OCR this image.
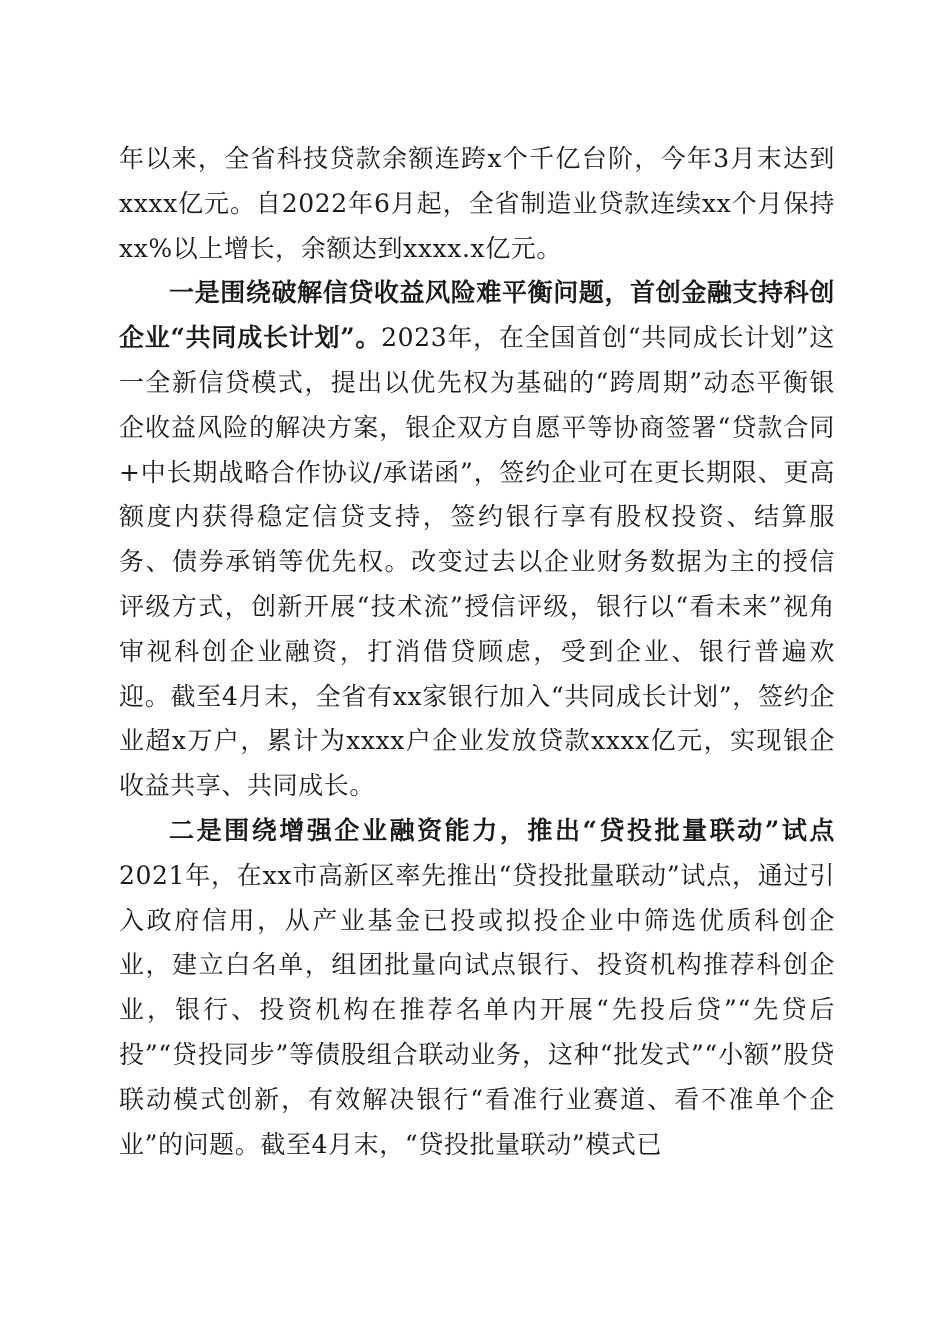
年以来，全省科技贷款余额连跨x个千亿台阶，今年3月末达到xxxx亿元。自2022年6月起，全省制造业贷款连续xx个月保持xx%以上增长，余额达到xxxx.x亿元。

一是围绕破解信贷收益风险难平衡问题，首创金融支持科创企业“共同成长计划”。2023年，在全国首创“共同成长计划”这一全新信贷模式，提出以优先权为基础的“跨周期”动态平衡银企收益风险的解决方案，银企双方自愿平等协商签署“贷款合同+中长期战略合作协议/承诺函”，签约企业可在更长期限、更高额度内获得稳定信贷支持，签约银行享有股权投资、结算服务、债券承销等优先权。改变过去以企业财务数据为主的授信评级方式，创新开展“技术流”授信评级，银行以“看未来”视角审视科创企业融资，打消借贷顾虑，受到企业、银行普遍欢迎。截至4月末，全省有xx家银行加入“共同成长计划”，签约企业超x万户，累计为xxxx户企业发放贷款xxxx亿元，实现银企收益共享、共同成长。

二是围绕增强企业融资能力，推出“贷投批量联动”试点2021年，在xx市高新区率先推出“贷投批量联动”试点，通过引入政府信用，从产业基金已投或拟投企业中筛选优质科创企业，建立白名单，组团批量向试点银行、投资机构推荐科创企业，银行、投资机构在推荐名单内开展“先投后贷”“先贷后投”“贷投同步”等债股组合联动业务，这种“批发式”“小额”股贷联动模式创新，有效解决银行“看准行业赛道、看不准单个企业”的问题。截至4月末，“贷投批量联动”模式已
